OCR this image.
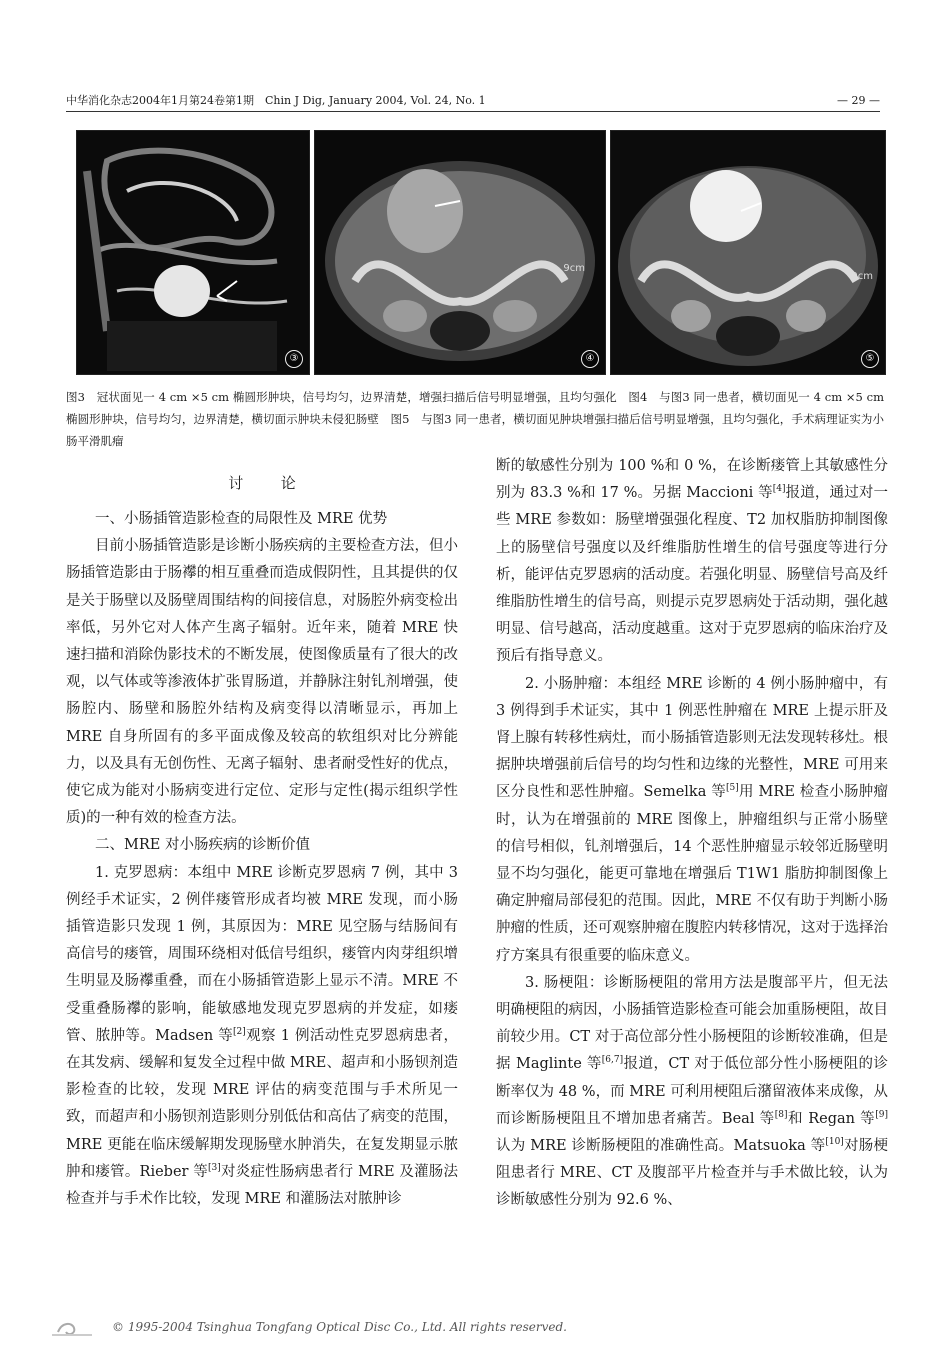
中华消化杂志2004年1月第24卷第1期　Chin J Dig, January 2004, Vol. 24, No. 1	— 29 —
③
9cm
④
9cm
⑤
图3　冠状面见一 4 cm ×5 cm 椭圆形肿块，信号均匀，边界清楚，增强扫描后信号明显增强，且均匀强化　图4　与图3 同一患者，横切面见一 4 cm ×5 cm 椭圆形肿块，信号均匀，边界清楚，横切面示肿块未侵犯肠壁　图5　与图3 同一患者，横切面见肿块增强扫描后信号明显增强，且均匀强化，手术病理证实为小肠平滑肌瘤
讨论
一、小肠插管造影检查的局限性及 MRE 优势

目前小肠插管造影是诊断小肠疾病的主要检查方法，但小肠插管造影由于肠襻的相互重叠而造成假阴性，且其提供的仅是关于肠壁以及肠壁周围结构的间接信息，对肠腔外病变检出率低，另外它对人体产生离子辐射。近年来，随着 MRE 快速扫描和消除伪影技术的不断发展，使图像质量有了很大的改观，以气体或等渗液体扩张胃肠道，并静脉注射钆剂增强，使肠腔内、肠壁和肠腔外结构及病变得以清晰显示，再加上 MRE 自身所固有的多平面成像及较高的软组织对比分辨能力，以及具有无创伤性、无离子辐射、患者耐受性好的优点，使它成为能对小肠病变进行定位、定形与定性(揭示组织学性质)的一种有效的检查方法。

二、MRE 对小肠疾病的诊断价值

1. 克罗恩病：本组中 MRE 诊断克罗恩病 7 例，其中 3 例经手术证实，2 例伴瘘管形成者均被 MRE 发现，而小肠插管造影只发现 1 例，其原因为：MRE 见空肠与结肠间有高信号的瘘管，周围环绕相对低信号组织，瘘管内肉芽组织增生明显及肠襻重叠，而在小肠插管造影上显示不清。MRE 不受重叠肠襻的影响，能敏感地发现克罗恩病的并发症，如瘘管、脓肿等。Madsen 等[2]观察 1 例活动性克罗恩病患者，在其发病、缓解和复发全过程中做 MRE、超声和小肠钡剂造影检查的比较，发现 MRE 评估的病变范围与手术所见一致，而超声和小肠钡剂造影则分别低估和高估了病变的范围，MRE 更能在临床缓解期发现肠壁水肿消失，在复发期显示脓肿和瘘管。Rieber 等[3]对炎症性肠病患者行 MRE 及灌肠法检查并与手术作比较，发现 MRE 和灌肠法对脓肿诊

断的敏感性分别为 100 %和 0 %，在诊断瘘管上其敏感性分别为 83.3 %和 17 %。另据 Maccioni 等[4]报道，通过对一些 MRE 参数如：肠壁增强强化程度、T2 加权脂肪抑制图像上的肠壁信号强度以及纤维脂肪性增生的信号强度等进行分析，能评估克罗恩病的活动度。若强化明显、肠壁信号高及纤维脂肪性增生的信号高，则提示克罗恩病处于活动期，强化越明显、信号越高，活动度越重。这对于克罗恩病的临床治疗及预后有指导意义。

2. 小肠肿瘤：本组经 MRE 诊断的 4 例小肠肿瘤中，有 3 例得到手术证实，其中 1 例恶性肿瘤在 MRE 上提示肝及肾上腺有转移性病灶，而小肠插管造影则无法发现转移灶。根据肿块增强前后信号的均匀性和边缘的光整性，MRE 可用来区分良性和恶性肿瘤。Semelka 等[5]用 MRE 检查小肠肿瘤时，认为在增强前的 MRE 图像上，肿瘤组织与正常小肠壁的信号相似，钆剂增强后，14 个恶性肿瘤显示较邻近肠壁明显不均匀强化，能更可靠地在增强后 T1W1 脂肪抑制图像上确定肿瘤局部侵犯的范围。因此，MRE 不仅有助于判断小肠肿瘤的性质，还可观察肿瘤在腹腔内转移情况，这对于选择治疗方案具有很重要的临床意义。

3. 肠梗阻：诊断肠梗阻的常用方法是腹部平片，但无法明确梗阻的病因，小肠插管造影检查可能会加重肠梗阻，故目前较少用。CT 对于高位部分性小肠梗阻的诊断较准确，但是据 Maglinte 等[6,7]报道，CT 对于低位部分性小肠梗阻的诊断率仅为 48 %，而 MRE 可利用梗阻后潴留液体来成像，从而诊断肠梗阻且不增加患者痛苦。Beal 等[8]和 Regan 等[9]认为 MRE 诊断肠梗阻的准确性高。Matsuoka 等[10]对肠梗阻患者行 MRE、CT 及腹部平片检查并与手术做比较，认为诊断敏感性分别为 92.6 %、

© 1995-2004 Tsinghua Tongfang Optical Disc Co., Ltd. All rights reserved.
